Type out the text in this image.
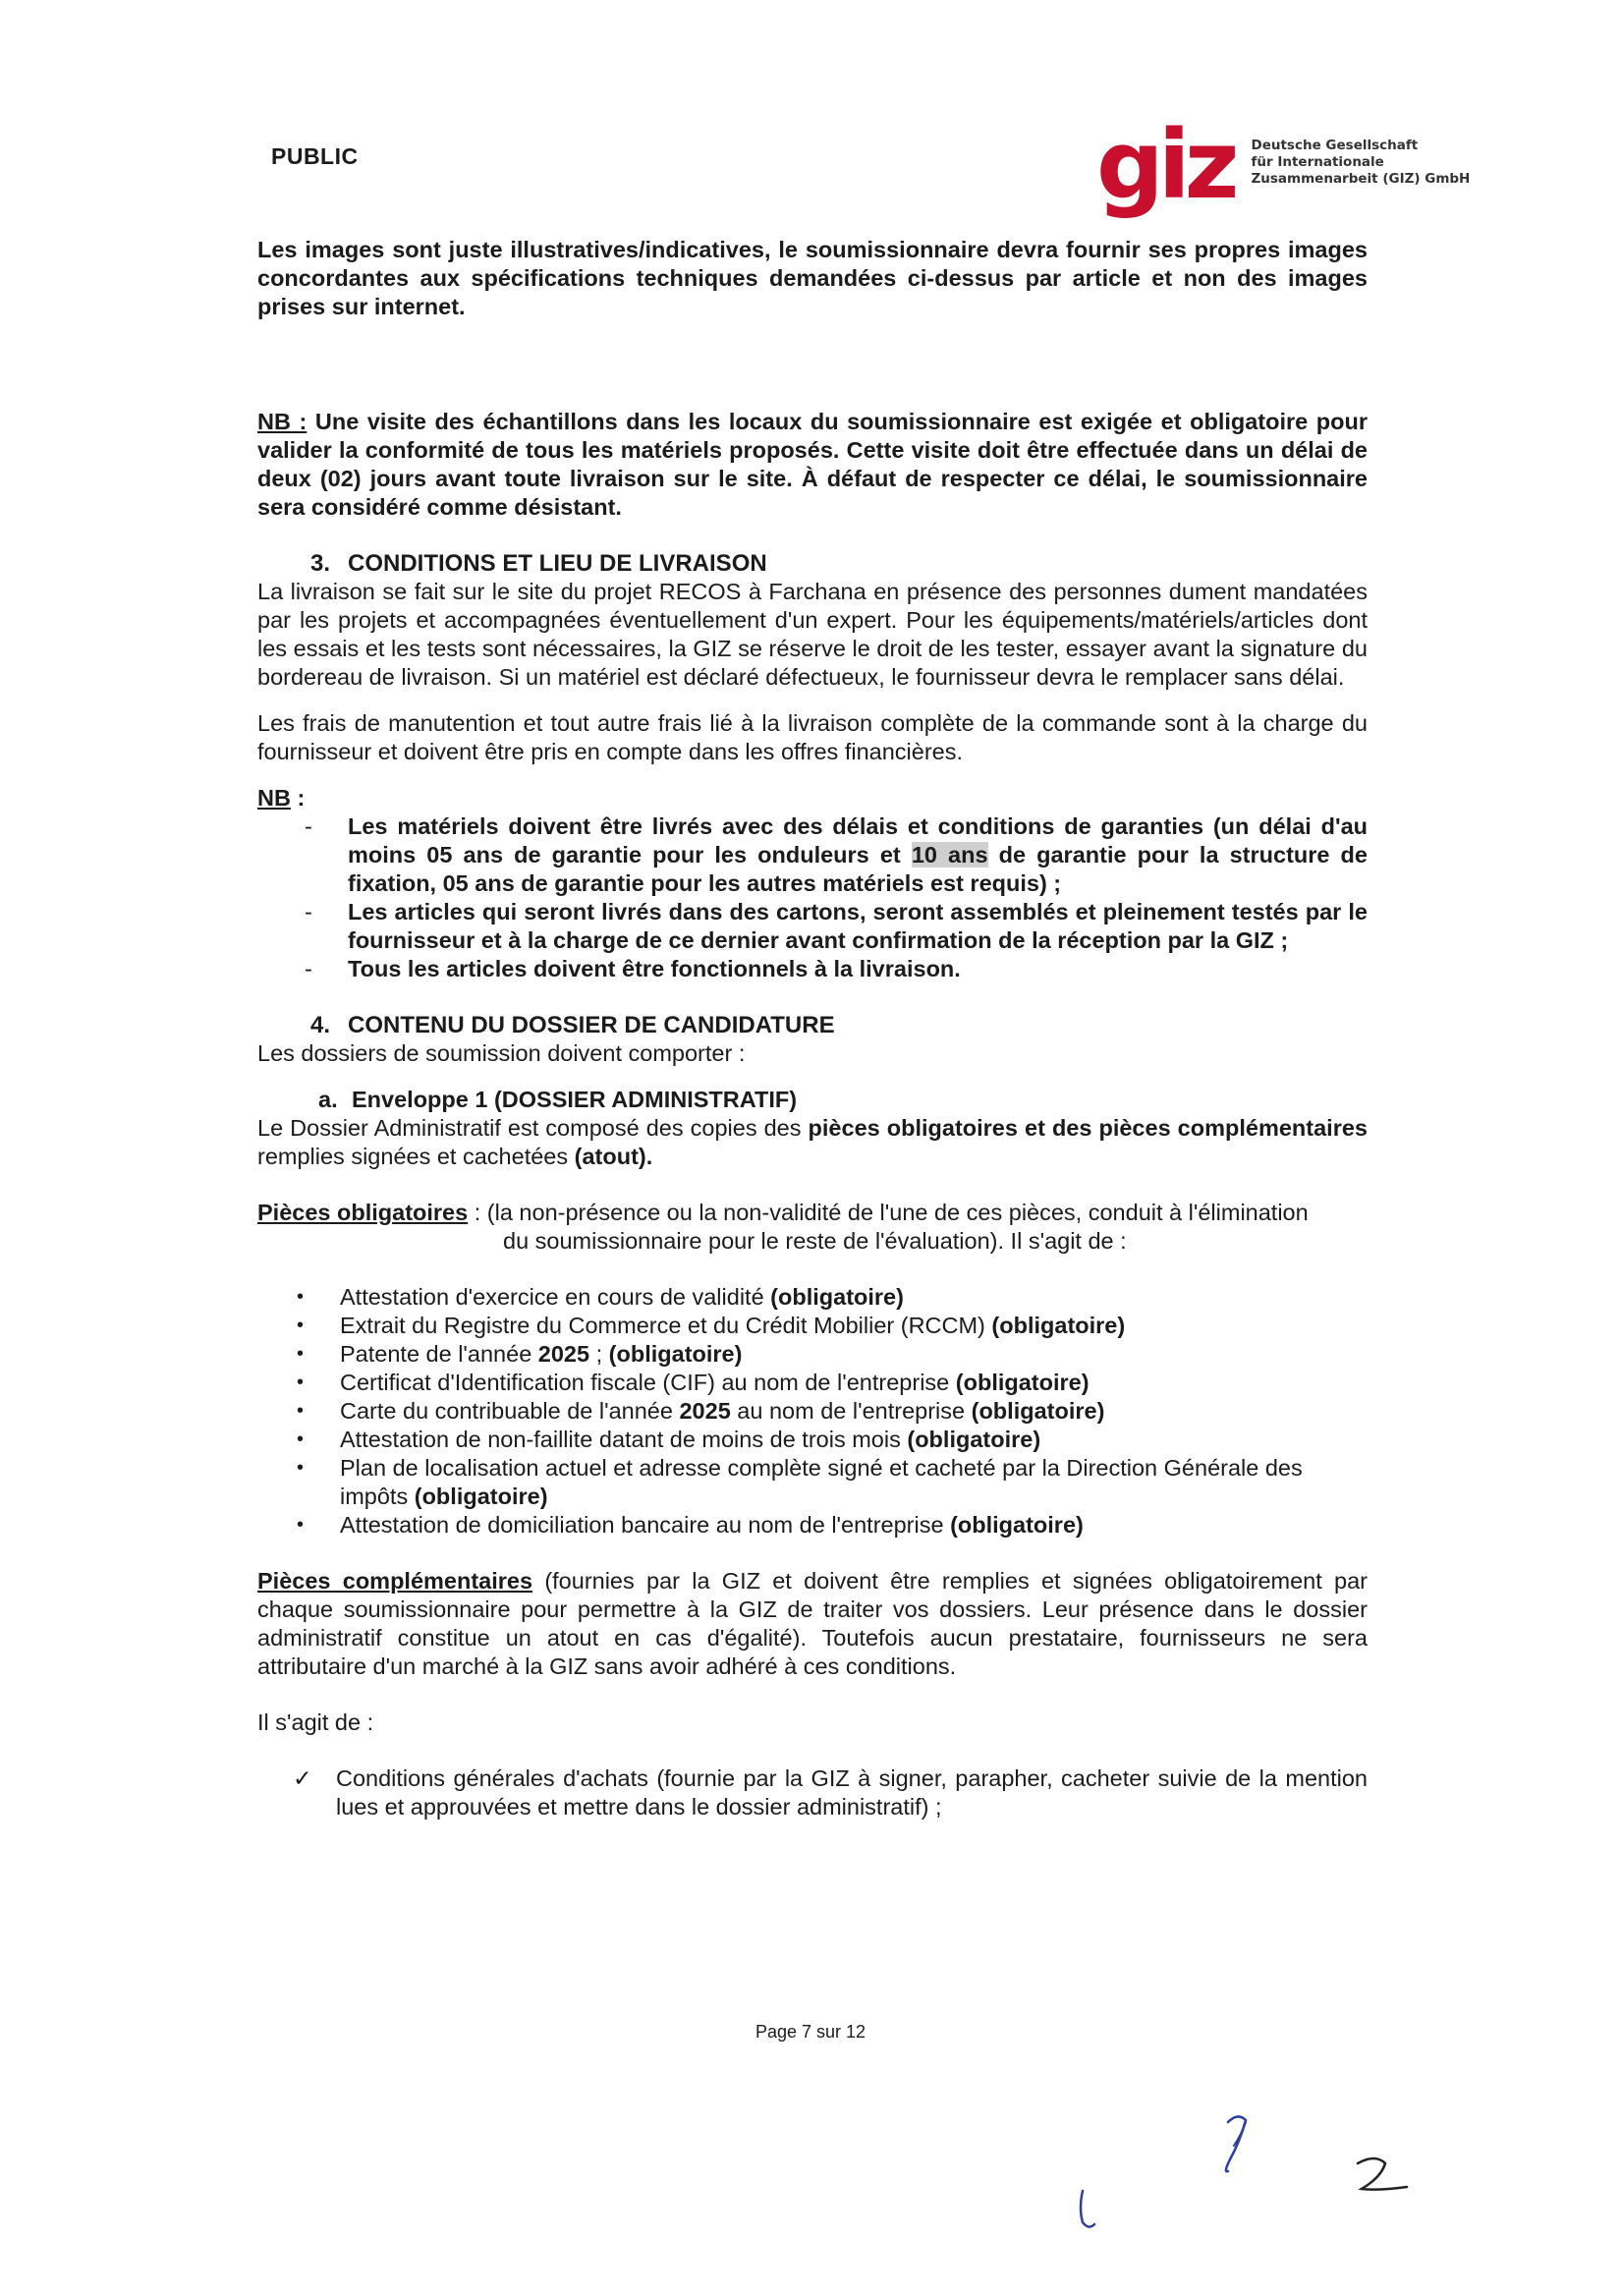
PUBLIC	giz Deutsche Gesellschaft
für Internationale
Zusammenarbeit (GIZ) GmbH

Les images sont juste illustratives/indicatives, le soumissionnaire devra fournir ses propres images concordantes aux spécifications techniques demandées ci-dessus par article et non des images prises sur internet.

NB : Une visite des échantillons dans les locaux du soumissionnaire est exigée et obligatoire pour valider la conformité de tous les matériels proposés. Cette visite doit être effectuée dans un délai de deux (02) jours avant toute livraison sur le site. À défaut de respecter ce délai, le soumissionnaire sera considéré comme désistant.

3. CONDITIONS ET LIEU DE LIVRAISON

La livraison se fait sur le site du projet RECOS à Farchana en présence des personnes dument mandatées par les projets et accompagnées éventuellement d'un expert. Pour les équipements/matériels/articles dont les essais et les tests sont nécessaires, la GIZ se réserve le droit de les tester, essayer avant la signature du bordereau de livraison. Si un matériel est déclaré défectueux, le fournisseur devra le remplacer sans délai.

Les frais de manutention et tout autre frais lié à la livraison complète de la commande sont à la charge du fournisseur et doivent être pris en compte dans les offres financières.

NB :

- Les matériels doivent être livrés avec des délais et conditions de garanties (un délai d'au moins 05 ans de garantie pour les onduleurs et 10 ans de garantie pour la structure de fixation, 05 ans de garantie pour les autres matériels est requis) ;
- Les articles qui seront livrés dans des cartons, seront assemblés et pleinement testés par le fournisseur et à la charge de ce dernier avant confirmation de la réception par la GIZ ;
- Tous les articles doivent être fonctionnels à la livraison.
4. CONTENU DU DOSSIER DE CANDIDATURE

Les dossiers de soumission doivent comporter :

a. Enveloppe 1 (DOSSIER ADMINISTRATIF)

Le Dossier Administratif est composé des copies des pièces obligatoires et des pièces complémentaires remplies signées et cachetées (atout).

Pièces obligatoires : (la non-présence ou la non-validité de l'une de ces pièces, conduit à l'élimination

du soumissionnaire pour le reste de l'évaluation). Il s'agit de :

• Attestation d'exercice en cours de validité (obligatoire)
• Extrait du Registre du Commerce et du Crédit Mobilier (RCCM) (obligatoire)
• Patente de l'année 2025 ; (obligatoire)
• Certificat d'Identification fiscale (CIF) au nom de l'entreprise (obligatoire)
• Carte du contribuable de l'année 2025 au nom de l'entreprise (obligatoire)
• Attestation de non-faillite datant de moins de trois mois (obligatoire)
• Plan de localisation actuel et adresse complète signé et cacheté par la Direction Générale des impôts (obligatoire)
• Attestation de domiciliation bancaire au nom de l'entreprise (obligatoire)

Pièces complémentaires (fournies par la GIZ et doivent être remplies et signées obligatoirement par chaque soumissionnaire pour permettre à la GIZ de traiter vos dossiers. Leur présence dans le dossier administratif constitue un atout en cas d'égalité). Toutefois aucun prestataire, fournisseurs ne sera attributaire d'un marché à la GIZ sans avoir adhéré à ces conditions.

Il s'agit de :

✓ Conditions générales d'achats (fournie par la GIZ à signer, parapher, cacheter suivie de la mention lues et approuvées et mettre dans le dossier administratif) ;
Page 7 sur 12
